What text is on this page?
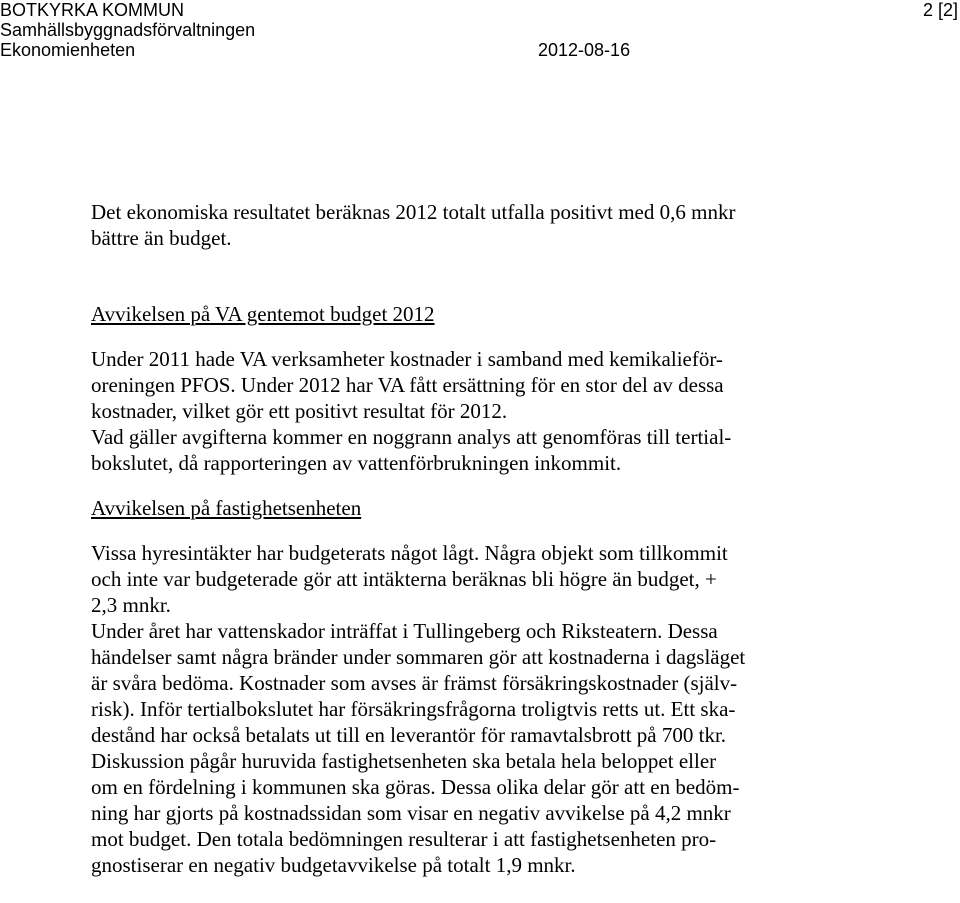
BOTKYRKA KOMMUN
Samhällsbyggnadsförvaltningen
Ekonomienheten	2012-08-16
2 [2]

Det ekonomiska resultatet beräknas 2012 totalt utfalla positivt med 0,6 mnkr
bättre än budget.

Avvikelsen på VA gentemot budget 2012

Under 2011 hade VA verksamheter kostnader i samband med kemikalieför-
oreningen PFOS. Under 2012 har VA fått ersättning för en stor del av dessa
kostnader, vilket gör ett positivt resultat för 2012.
Vad gäller avgifterna kommer en noggrann analys att genomföras till tertial-
bokslutet, då rapporteringen av vattenförbrukningen inkommit.

Avvikelsen på fastighetsenheten

Vissa hyresintäkter har budgeterats något lågt. Några objekt som tillkommit
och inte var budgeterade gör att intäkterna beräknas bli högre än budget, +
2,3 mnkr.
Under året har vattenskador inträffat i Tullingeberg och Riksteatern. Dessa
händelser samt några bränder under sommaren gör att kostnaderna i dagsläget
är svåra bedöma. Kostnader som avses är främst försäkringskostnader (själv-
risk). Inför tertialbokslutet har försäkringsfrågorna troligtvis retts ut. Ett ska-
destånd har också betalats ut till en leverantör för ramavtalsbrott på 700 tkr.
Diskussion pågår huruvida fastighetsenheten ska betala hela beloppet eller
om en fördelning i kommunen ska göras. Dessa olika delar gör att en bedöm-
ning har gjorts på kostnadssidan som visar en negativ avvikelse på 4,2 mnkr
mot budget. Den totala bedömningen resulterar i att fastighetsenheten pro-
gnostiserar en negativ budgetavvikelse på totalt 1,9 mnkr.
